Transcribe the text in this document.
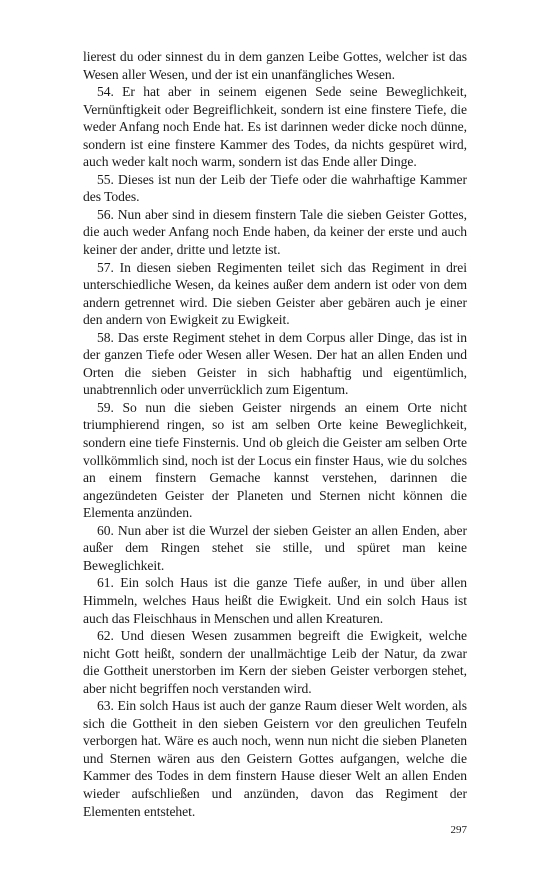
lierest du oder sinnest du in dem ganzen Leibe Gottes, welcher ist das Wesen aller Wesen, und der ist ein unanfängliches Wesen.

54. Er hat aber in seinem eigenen Sede seine Beweglichkeit, Vernünftigkeit oder Begreiflichkeit, sondern ist eine finstere Tiefe, die weder Anfang noch Ende hat. Es ist darinnen weder dicke noch dünne, sondern ist eine finstere Kammer des Todes, da nichts gespüret wird, auch weder kalt noch warm, sondern ist das Ende aller Dinge.

55. Dieses ist nun der Leib der Tiefe oder die wahrhaftige Kammer des Todes.

56. Nun aber sind in diesem finstern Tale die sieben Geister Gottes, die auch weder Anfang noch Ende haben, da keiner der erste und auch keiner der ander, dritte und letzte ist.

57. In diesen sieben Regimenten teilet sich das Regiment in drei unterschiedliche Wesen, da keines außer dem andern ist oder von dem andern getrennet wird. Die sieben Geister aber gebären auch je einer den andern von Ewigkeit zu Ewigkeit.

58. Das erste Regiment stehet in dem Corpus aller Dinge, das ist in der ganzen Tiefe oder Wesen aller Wesen. Der hat an allen Enden und Orten die sieben Geister in sich habhaftig und eigentümlich, unabtrennlich oder unverrücklich zum Eigentum.

59. So nun die sieben Geister nirgends an einem Orte nicht triumphierend ringen, so ist am selben Orte keine Beweglichkeit, sondern eine tiefe Finsternis. Und ob gleich die Geister am selben Orte vollkömmlich sind, noch ist der Locus ein finster Haus, wie du solches an einem finstern Gemache kannst verstehen, darinnen die angezündeten Geister der Planeten und Sternen nicht können die Elementa anzünden.

60. Nun aber ist die Wurzel der sieben Geister an allen Enden, aber außer dem Ringen stehet sie stille, und spüret man keine Beweglichkeit.

61. Ein solch Haus ist die ganze Tiefe außer, in und über allen Himmeln, welches Haus heißt die Ewigkeit. Und ein solch Haus ist auch das Fleischhaus in Menschen und allen Kreaturen.

62. Und diesen Wesen zusammen begreift die Ewigkeit, welche nicht Gott heißt, sondern der unallmächtige Leib der Natur, da zwar die Gottheit unerstorben im Kern der sieben Geister verborgen stehet, aber nicht begriffen noch verstanden wird.

63. Ein solch Haus ist auch der ganze Raum dieser Welt worden, als sich die Gottheit in den sieben Geistern vor den greulichen Teufeln verborgen hat. Wäre es auch noch, wenn nun nicht die sieben Planeten und Sternen wären aus den Geistern Gottes aufgangen, welche die Kammer des Todes in dem finstern Hause dieser Welt an allen Enden wieder aufschließen und anzünden, davon das Regiment der Elementen entstehet.

297
